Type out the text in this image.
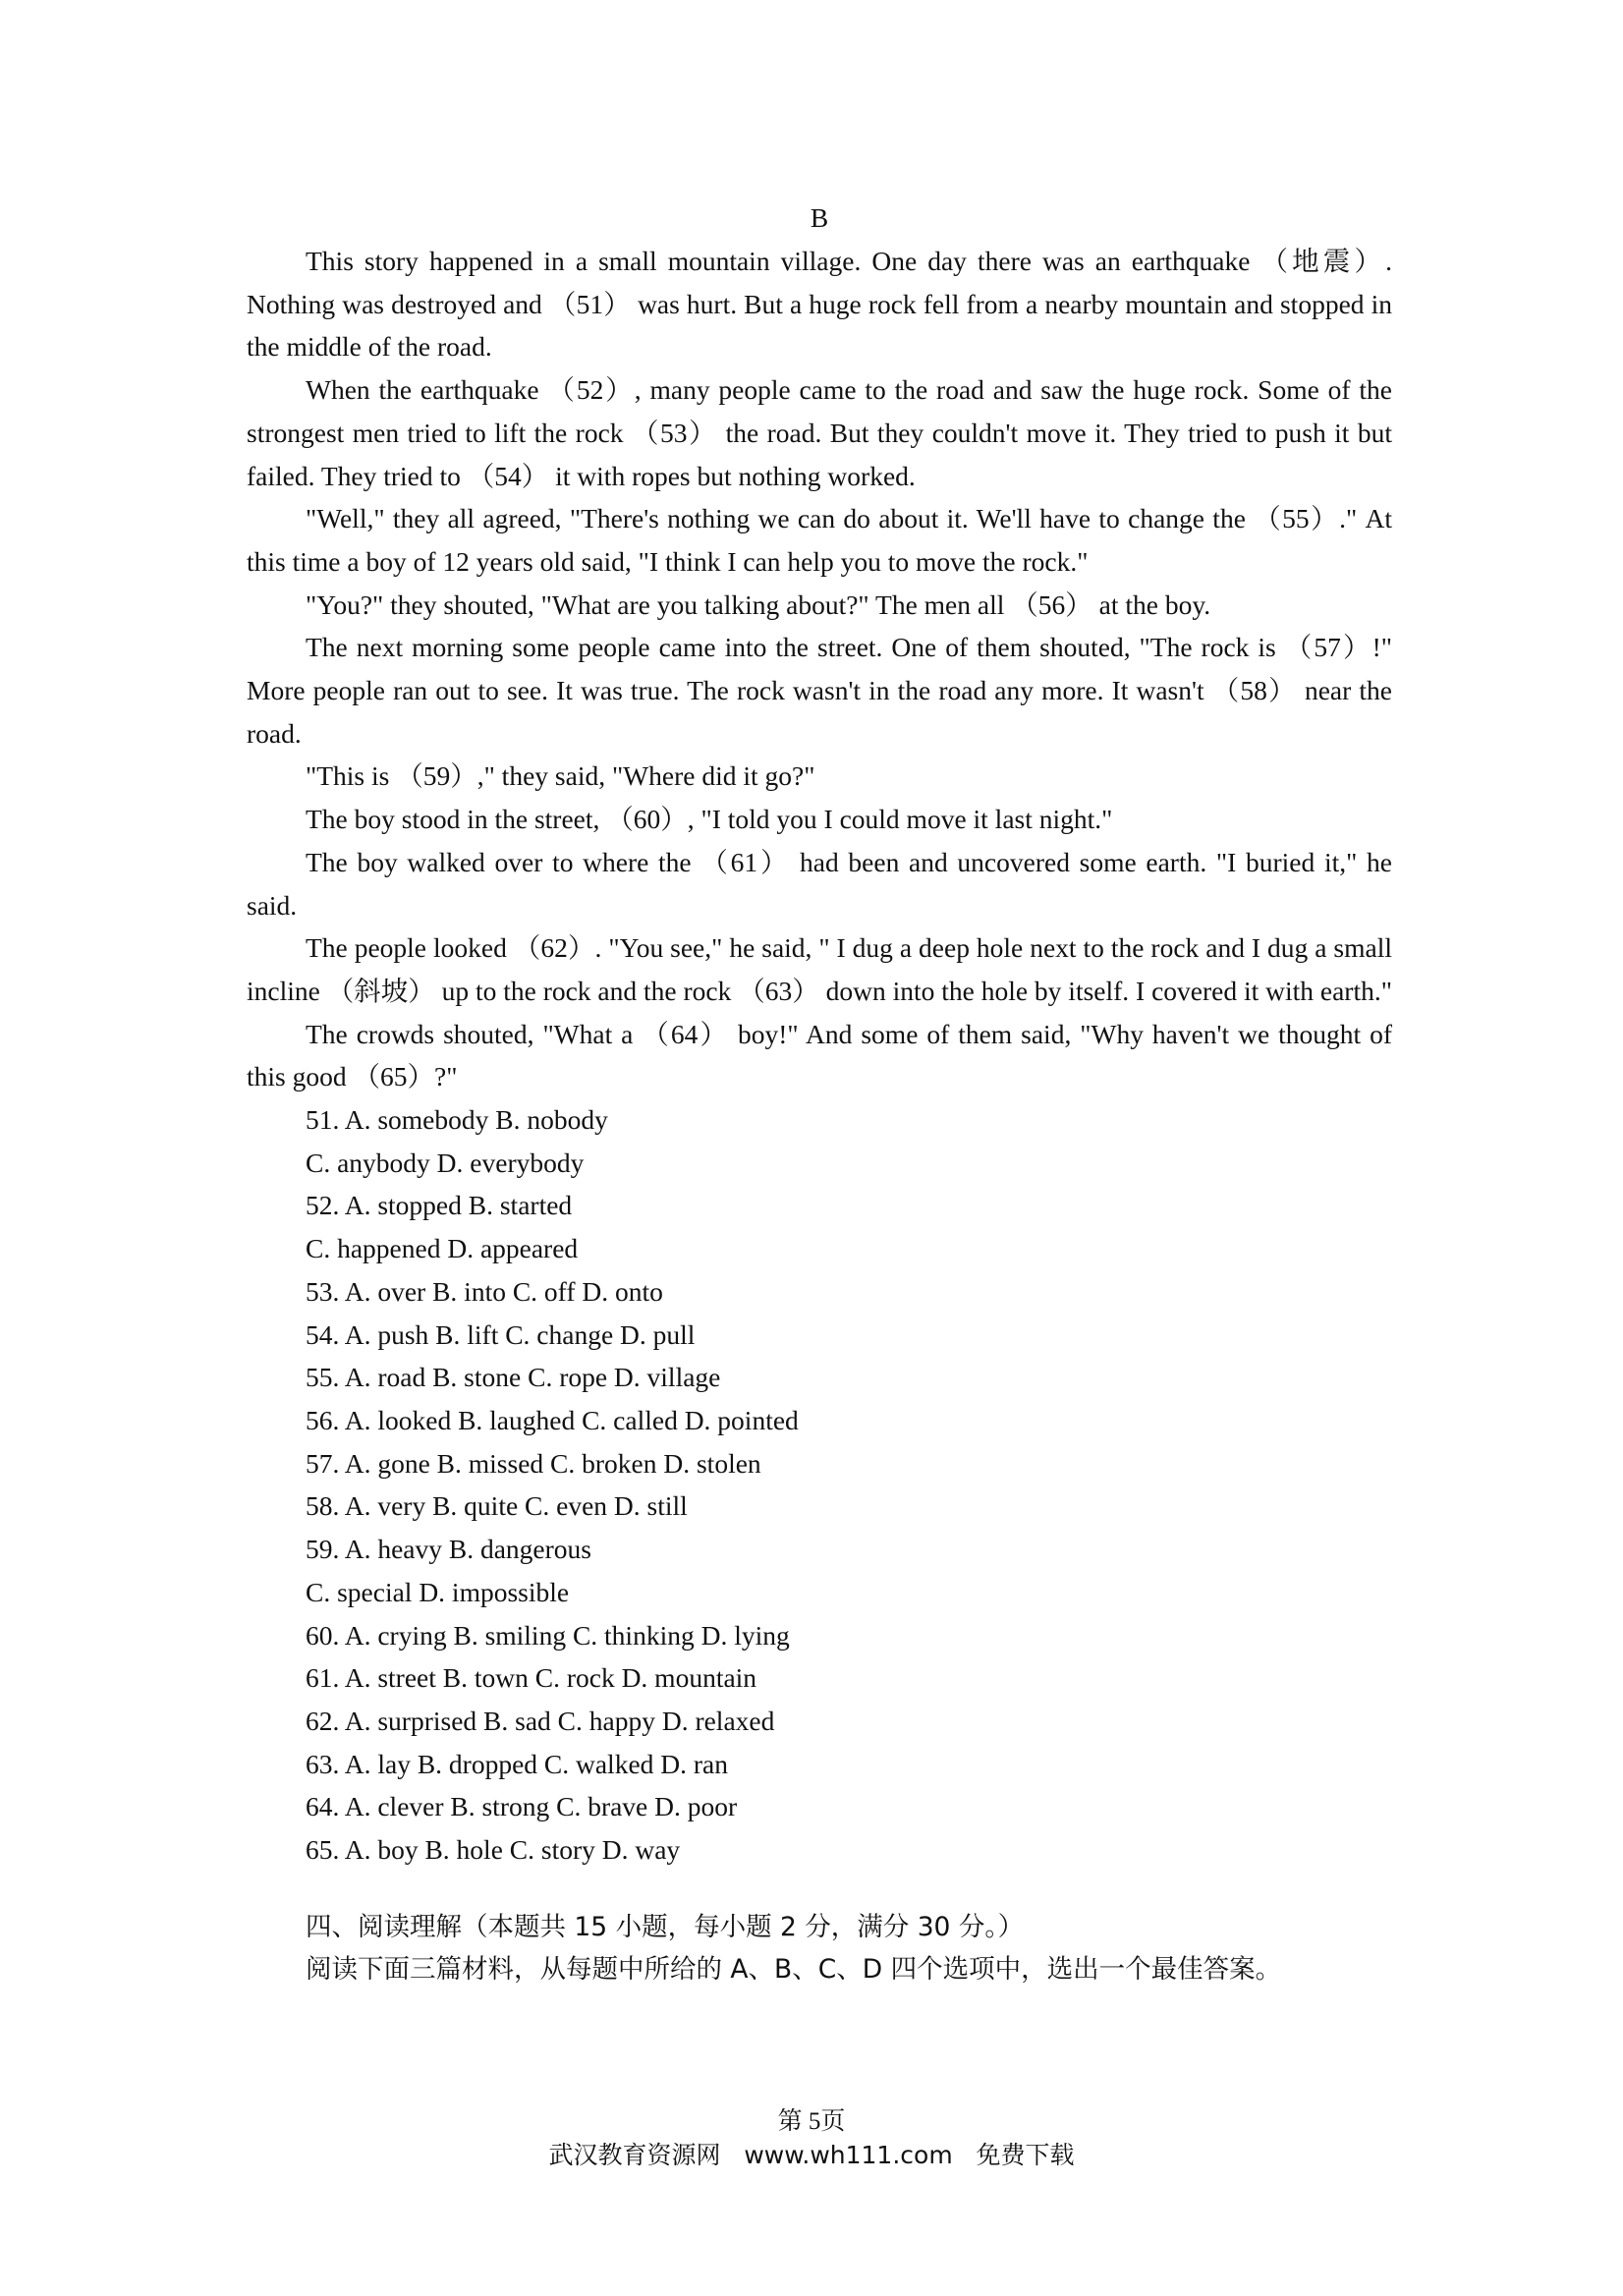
B

This story happened in a small mountain village. One day there was an earthquake （地震）. Nothing was destroyed and （51） was hurt. But a huge rock fell from a nearby mountain and stopped in the middle of the road.

When the earthquake （52）, many people came to the road and saw the huge rock. Some of the strongest men tried to lift the rock （53） the road. But they couldn't move it. They tried to push it but failed. They tried to （54） it with ropes but nothing worked.

"Well," they all agreed, "There's nothing we can do about it. We'll have to change the （55）." At this time a boy of 12 years old said, "I think I can help you to move the rock."

"You?" they shouted, "What are you talking about?" The men all （56） at the boy.

The next morning some people came into the street. One of them shouted, "The rock is （57）!" More people ran out to see. It was true. The rock wasn't in the road any more. It wasn't （58） near the road.

"This is （59）," they said, "Where did it go?"

The boy stood in the street, （60）, "I told you I could move it last night."

The boy walked over to where the （61） had been and uncovered some earth. "I buried it," he said.

The people looked （62）. "You see," he said, " I dug a deep hole next to the rock and I dug a small incline （斜坡） up to the rock and the rock （63） down into the hole by itself. I covered it with earth."

The crowds shouted, "What a （64） boy!" And some of them said, "Why haven't we thought of this good （65）?"

51. A. somebody B. nobody
C. anybody D. everybody
52. A. stopped B. started
C. happened D. appeared
53. A. over B. into C. off D. onto
54. A. push B. lift C. change D. pull
55. A. road B. stone C. rope D. village
56. A. looked B. laughed C. called D. pointed
57. A. gone B. missed C. broken D. stolen
58. A. very B. quite C. even D. still
59. A. heavy B. dangerous
C. special D. impossible
60. A. crying B. smiling C. thinking D. lying
61. A. street B. town C. rock D. mountain
62. A. surprised B. sad C. happy D. relaxed
63. A. lay B. dropped C. walked D. ran
64. A. clever B. strong C. brave D. poor
65. A. boy B. hole C. story D. way
四、阅读理解（本题共 15 小题，每小题 2 分，满分 30 分。）
阅读下面三篇材料，从每题中所给的 A、B、C、D 四个选项中，选出一个最佳答案。
第 5页
武汉教育资源网   www.wh111.com   免费下载
